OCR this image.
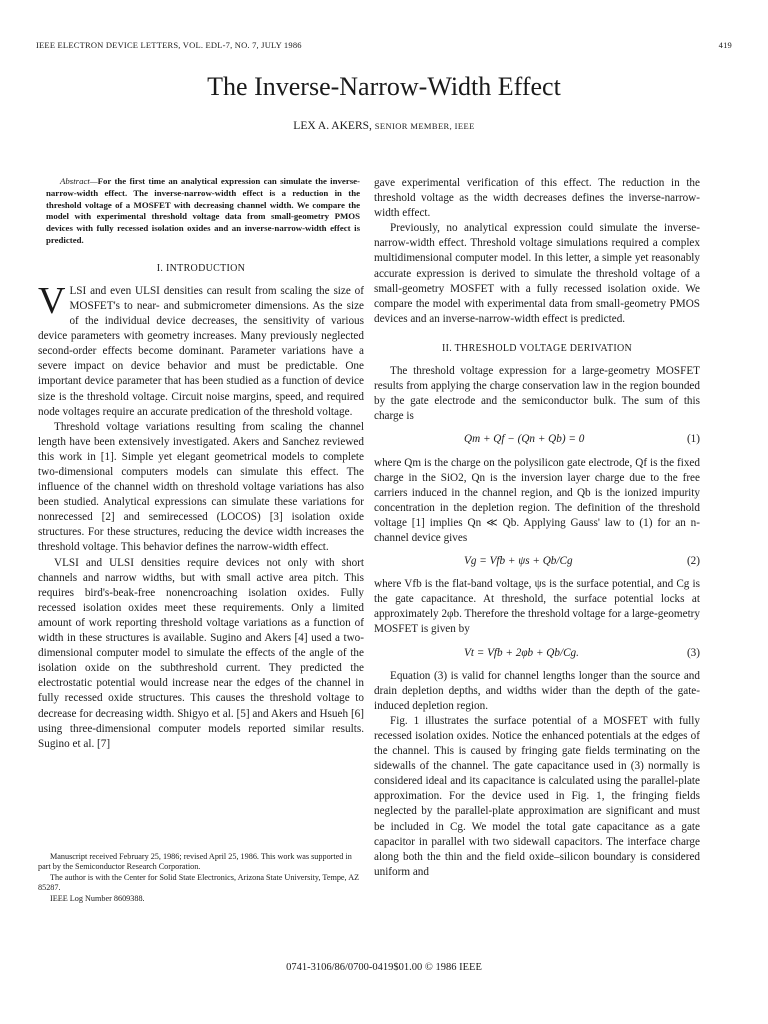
IEEE ELECTRON DEVICE LETTERS, VOL. EDL-7, NO. 7, JULY 1986	419
The Inverse-Narrow-Width Effect
LEX A. AKERS, SENIOR MEMBER, IEEE
Abstract—For the first time an analytical expression can simulate the inverse-narrow-width effect. The inverse-narrow-width effect is a reduction in the threshold voltage of a MOSFET with decreasing channel width. We compare the model with experimental threshold voltage data from small-geometry PMOS devices with fully recessed isolation oxides and an inverse-narrow-width effect is predicted.
I. INTRODUCTION

VLSI and even ULSI densities can result from scaling the size of MOSFET's to near- and submicrometer dimensions. As the size of the individual device decreases, the sensitivity of various device parameters with geometry increases. Many previously neglected second-order effects become dominant. Parameter variations have a severe impact on device behavior and must be predictable. One important device parameter that has been studied as a function of device size is the threshold voltage. Circuit noise margins, speed, and required node voltages require an accurate predication of the threshold voltage.

Threshold voltage variations resulting from scaling the channel length have been extensively investigated. Akers and Sanchez reviewed this work in [1]. Simple yet elegant geometrical models to complete two-dimensional computers models can simulate this effect. The influence of the channel width on threshold voltage variations has also been studied. Analytical expressions can simulate these variations for nonrecessed [2] and semirecessed (LOCOS) [3] isolation oxide structures. For these structures, reducing the device width increases the threshold voltage. This behavior defines the narrow-width effect.

VLSI and ULSI densities require devices not only with short channels and narrow widths, but with small active area pitch. This requires bird's-beak-free nonencroaching isolation oxides. Fully recessed isolation oxides meet these requirements. Only a limited amount of work reporting threshold voltage variations as a function of width in these structures is available. Sugino and Akers [4] used a two-dimensional computer model to simulate the effects of the angle of the isolation oxide on the subthreshold current. They predicted the electrostatic potential would increase near the edges of the channel in fully recessed oxide structures. This causes the threshold voltage to decrease for decreasing width. Shigyo et al. [5] and Akers and Hsueh [6] using three-dimensional computer models reported similar results. Sugino et al. [7]

Manuscript received February 25, 1986; revised April 25, 1986. This work was supported in part by the Semiconductor Research Corporation.

The author is with the Center for Solid State Electronics, Arizona State University, Tempe, AZ 85287.

IEEE Log Number 8609388.

gave experimental verification of this effect. The reduction in the threshold voltage as the width decreases defines the inverse-narrow-width effect.

Previously, no analytical expression could simulate the inverse-narrow-width effect. Threshold voltage simulations required a complex multidimensional computer model. In this letter, a simple yet reasonably accurate expression is derived to simulate the threshold voltage of a small-geometry MOSFET with a fully recessed isolation oxide. We compare the model with experimental data from small-geometry PMOS devices and an inverse-narrow-width effect is predicted.

II. THRESHOLD VOLTAGE DERIVATION

The threshold voltage expression for a large-geometry MOSFET results from applying the charge conservation law in the region bounded by the gate electrode and the semiconductor bulk. The sum of this charge is

Qm + Qf − (Qn + Qb) = 0	(1)

where Qm is the charge on the polysilicon gate electrode, Qf is the fixed charge in the SiO2, Qn is the inversion layer charge due to the free carriers induced in the channel region, and Qb is the ionized impurity concentration in the depletion region. The definition of the threshold voltage [1] implies Qn ≪ Qb. Applying Gauss' law to (1) for an n-channel device gives

Vg = Vfb + ψs + Qb/Cg	(2)

where Vfb is the flat-band voltage, ψs is the surface potential, and Cg is the gate capacitance. At threshold, the surface potential locks at approximately 2φb. Therefore the threshold voltage for a large-geometry MOSFET is given by

Vt = Vfb + 2φb + Qb/Cg.	(3)

Equation (3) is valid for channel lengths longer than the source and drain depletion depths, and widths wider than the depth of the gate-induced depletion region.

Fig. 1 illustrates the surface potential of a MOSFET with fully recessed isolation oxides. Notice the enhanced potentials at the edges of the channel. This is caused by fringing gate fields terminating on the sidewalls of the channel. The gate capacitance used in (3) normally is considered ideal and its capacitance is calculated using the parallel-plate approximation. For the device used in Fig. 1, the fringing fields neglected by the parallel-plate approximation are significant and must be included in Cg. We model the total gate capacitance as a gate capacitor in parallel with two sidewall capacitors. The interface charge along both the thin and the field oxide–silicon boundary is considered uniform and

0741-3106/86/0700-0419$01.00 © 1986 IEEE
